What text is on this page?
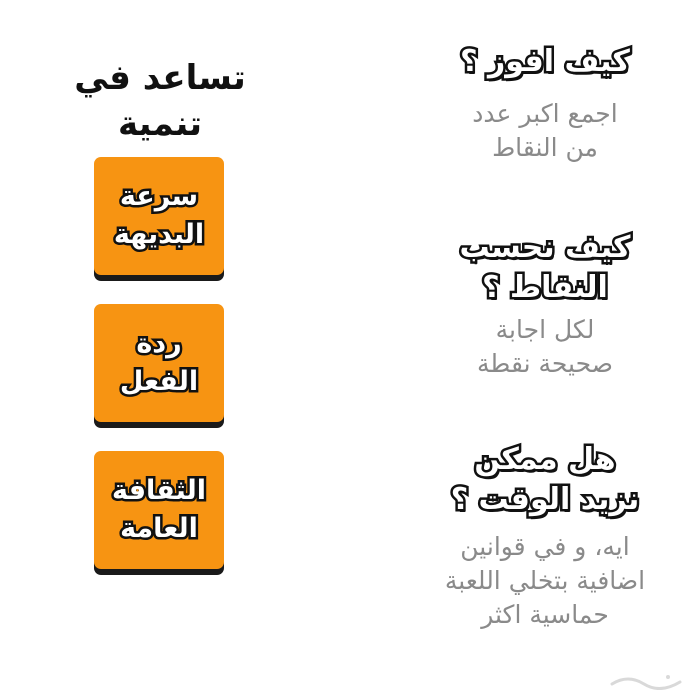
كيف افوز ؟
اجمع اكبر عدد
من النقاط
كيف نحسب
النقاط ؟
لكل اجابة
صحيحة نقطة
هل ممكن
نزيد الوقت ؟
ايه، و في قوانين
اضافية بتخلي اللعبة
حماسية اكثر
تساعد في
تنمية
سرعة
البديهة
ردة
الفعل
الثقافة
العامة
